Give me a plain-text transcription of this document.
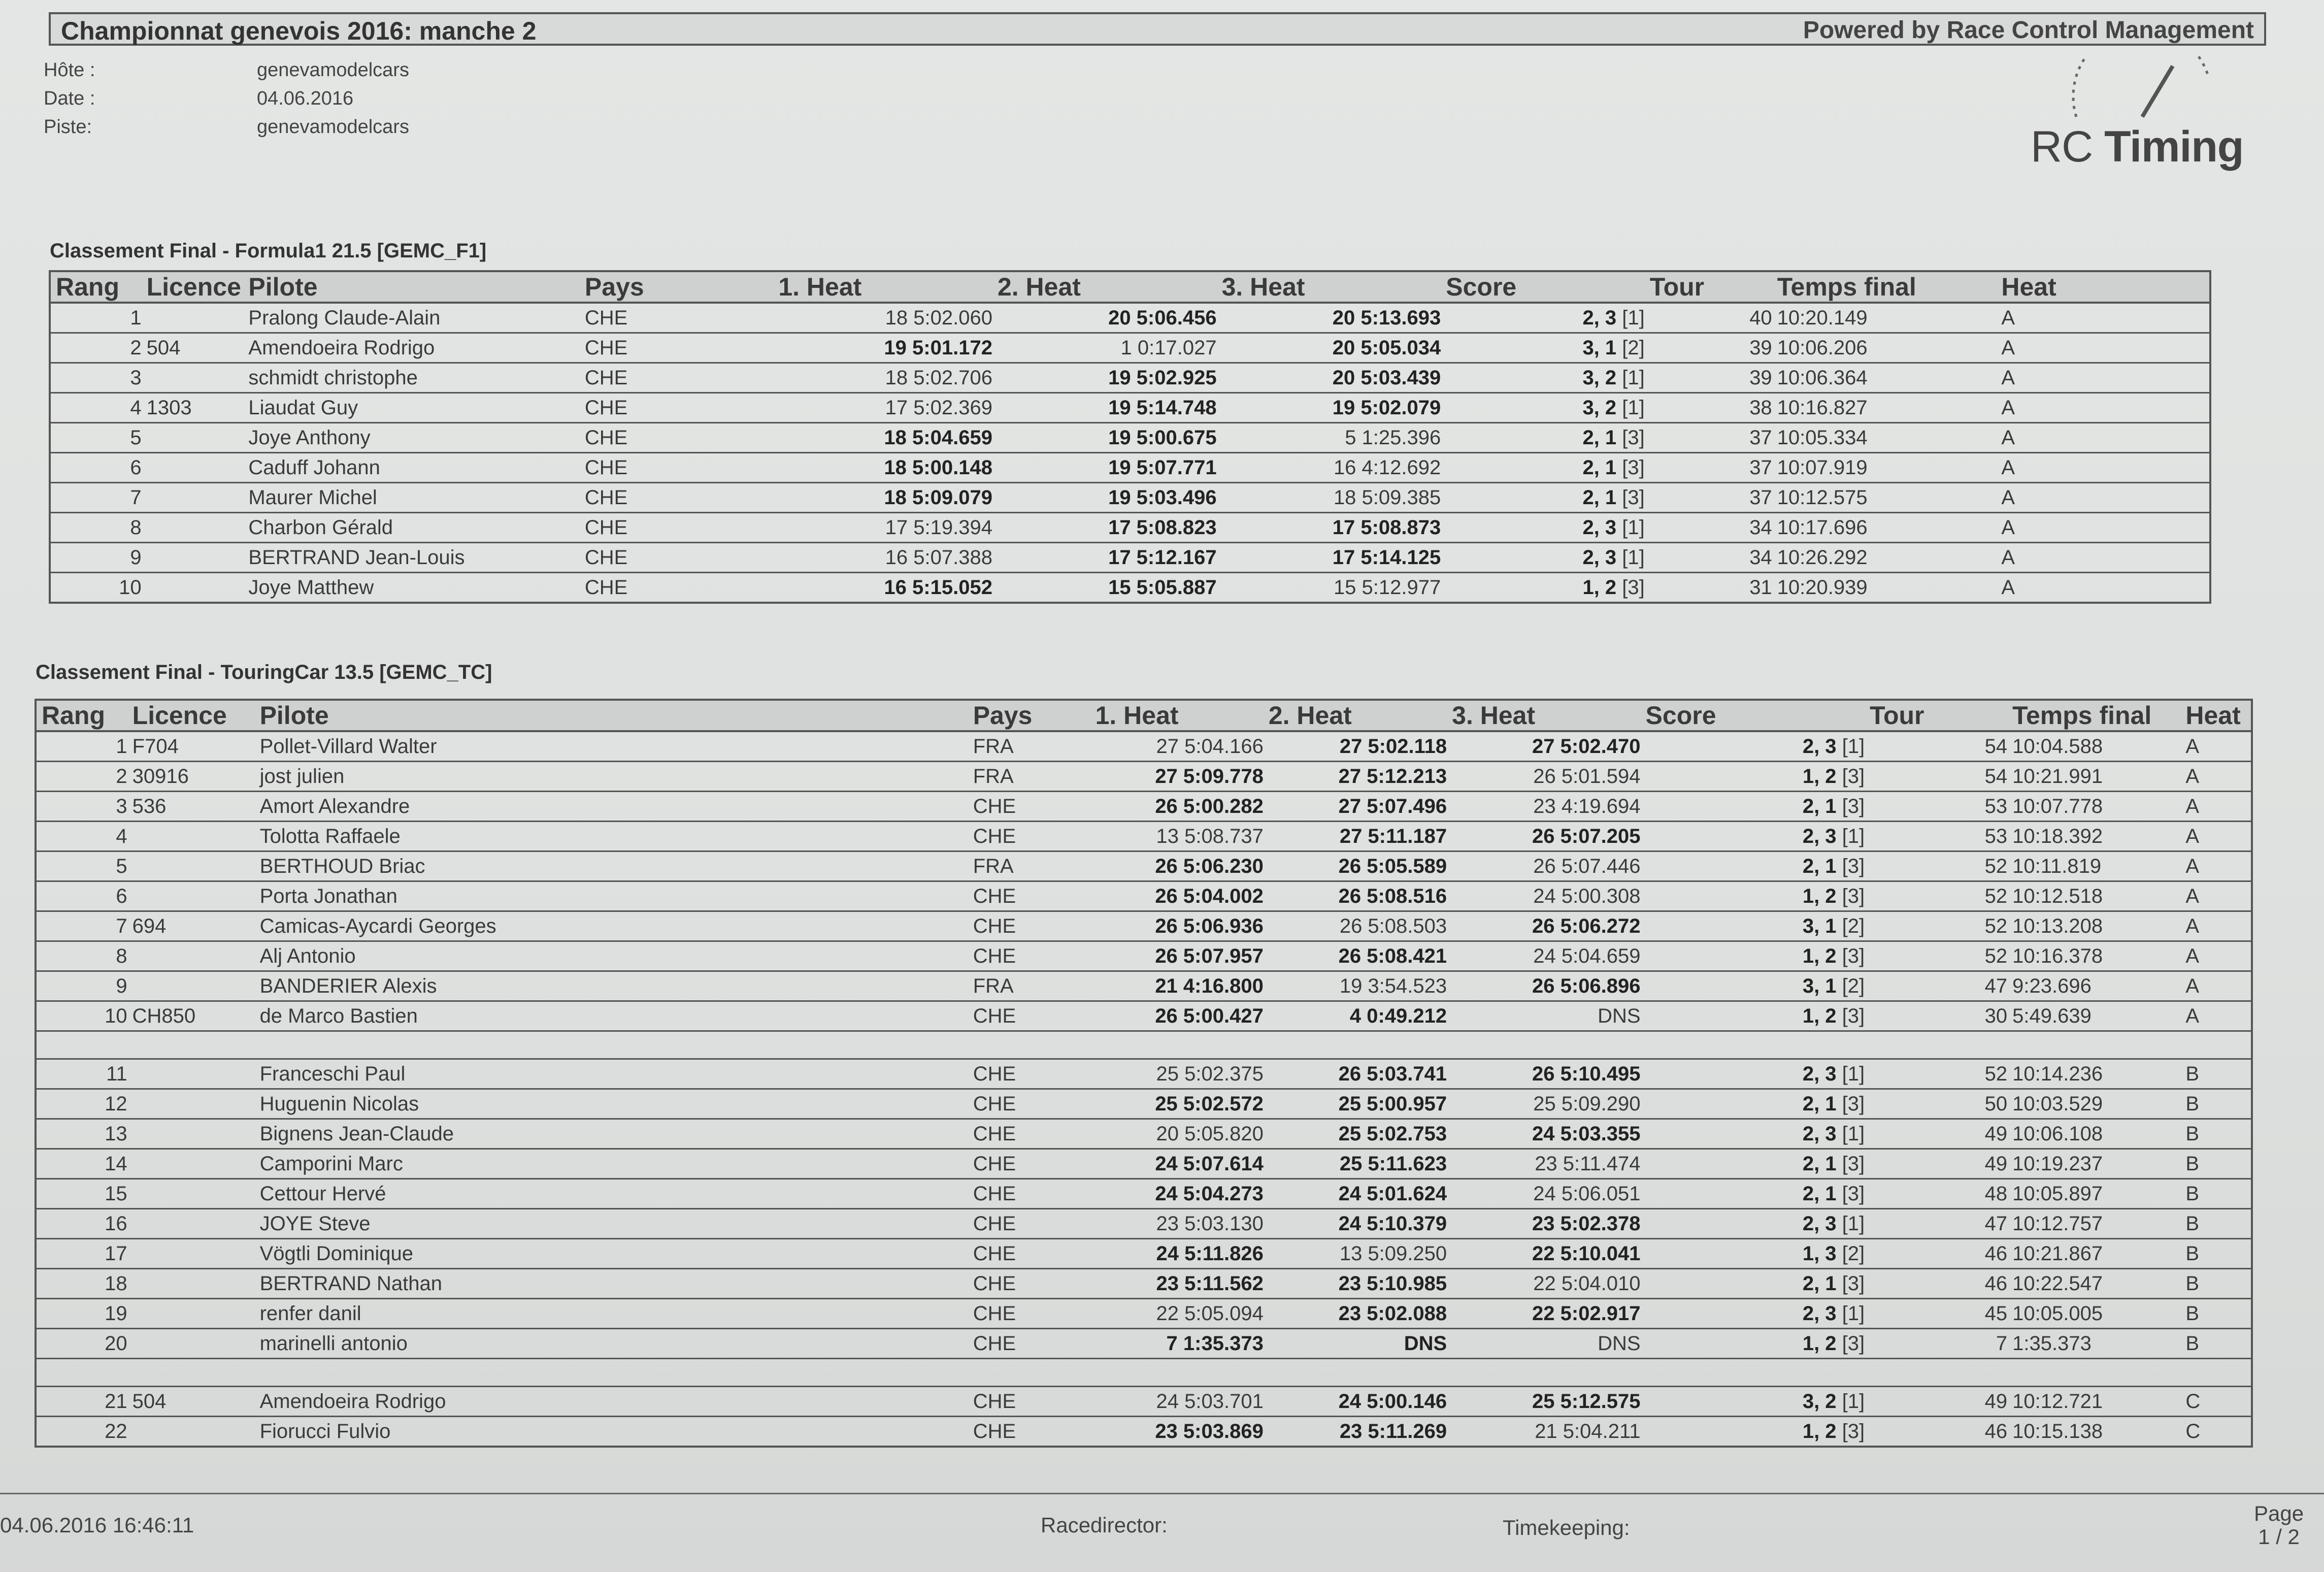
Championnat genevois 2016: manche 2	Powered by Race Control Management
Hôte :	genevamodelcars
Date :	04.06.2016
Piste:	genevamodelcars	RC Timing
Classement Final - Formula1 21.5 [GEMC_F1]
Rang	Licence	Pilote	Pays	1. Heat	2. Heat	3. Heat	Score	Tour	Temps final	Heat
1		Pralong Claude-Alain	CHE	18 5:02.060	20 5:06.456	20 5:13.693	2, 3 [1]	40	10:20.149	A
2	504	Amendoeira Rodrigo	CHE	19 5:01.172	1 0:17.027	20 5:05.034	3, 1 [2]	39	10:06.206	A
3		schmidt christophe	CHE	18 5:02.706	19 5:02.925	20 5:03.439	3, 2 [1]	39	10:06.364	A
4	1303	Liaudat Guy	CHE	17 5:02.369	19 5:14.748	19 5:02.079	3, 2 [1]	38	10:16.827	A
5		Joye Anthony	CHE	18 5:04.659	19 5:00.675	5 1:25.396	2, 1 [3]	37	10:05.334	A
6		Caduff Johann	CHE	18 5:00.148	19 5:07.771	16 4:12.692	2, 1 [3]	37	10:07.919	A
7		Maurer Michel	CHE	18 5:09.079	19 5:03.496	18 5:09.385	2, 1 [3]	37	10:12.575	A
8		Charbon Gérald	CHE	17 5:19.394	17 5:08.823	17 5:08.873	2, 3 [1]	34	10:17.696	A
9		BERTRAND Jean-Louis	CHE	16 5:07.388	17 5:12.167	17 5:14.125	2, 3 [1]	34	10:26.292	A
10		Joye Matthew	CHE	16 5:15.052	15 5:05.887	15 5:12.977	1, 2 [3]	31	10:20.939	A
Classement Final - TouringCar 13.5 [GEMC_TC]
Rang	Licence	Pilote	Pays	1. Heat	2. Heat	3. Heat	Score	Tour	Temps final	Heat
1	F704	Pollet-Villard Walter	FRA	27 5:04.166	27 5:02.118	27 5:02.470	2, 3 [1]	54	10:04.588	A
2	30916	jost julien	FRA	27 5:09.778	27 5:12.213	26 5:01.594	1, 2 [3]	54	10:21.991	A
3	536	Amort Alexandre	CHE	26 5:00.282	27 5:07.496	23 4:19.694	2, 1 [3]	53	10:07.778	A
4		Tolotta Raffaele	CHE	13 5:08.737	27 5:11.187	26 5:07.205	2, 3 [1]	53	10:18.392	A
5		BERTHOUD Briac	FRA	26 5:06.230	26 5:05.589	26 5:07.446	2, 1 [3]	52	10:11.819	A
6		Porta Jonathan	CHE	26 5:04.002	26 5:08.516	24 5:00.308	1, 2 [3]	52	10:12.518	A
7	694	Camicas-Aycardi Georges	CHE	26 5:06.936	26 5:08.503	26 5:06.272	3, 1 [2]	52	10:13.208	A
8		Alj Antonio	CHE	26 5:07.957	26 5:08.421	24 5:04.659	1, 2 [3]	52	10:16.378	A
9		BANDERIER Alexis	FRA	21 4:16.800	19 3:54.523	26 5:06.896	3, 1 [2]	47	9:23.696	A
10	CH850	de Marco Bastien	CHE	26 5:00.427	4 0:49.212	DNS	1, 2 [3]	30	5:49.639	A

11		Franceschi Paul	CHE	25 5:02.375	26 5:03.741	26 5:10.495	2, 3 [1]	52	10:14.236	B
12		Huguenin Nicolas	CHE	25 5:02.572	25 5:00.957	25 5:09.290	2, 1 [3]	50	10:03.529	B
13		Bignens Jean-Claude	CHE	20 5:05.820	25 5:02.753	24 5:03.355	2, 3 [1]	49	10:06.108	B
14		Camporini Marc	CHE	24 5:07.614	25 5:11.623	23 5:11.474	2, 1 [3]	49	10:19.237	B
15		Cettour Hervé	CHE	24 5:04.273	24 5:01.624	24 5:06.051	2, 1 [3]	48	10:05.897	B
16		JOYE Steve	CHE	23 5:03.130	24 5:10.379	23 5:02.378	2, 3 [1]	47	10:12.757	B
17		Vögtli Dominique	CHE	24 5:11.826	13 5:09.250	22 5:10.041	1, 3 [2]	46	10:21.867	B
18		BERTRAND Nathan	CHE	23 5:11.562	23 5:10.985	22 5:04.010	2, 1 [3]	46	10:22.547	B
19		renfer danil	CHE	22 5:05.094	23 5:02.088	22 5:02.917	2, 3 [1]	45	10:05.005	B
20		marinelli antonio	CHE	7 1:35.373	DNS	DNS	1, 2 [3]	7	1:35.373	B

21	504	Amendoeira Rodrigo	CHE	24 5:03.701	24 5:00.146	25 5:12.575	3, 2 [1]	49	10:12.721	C
22		Fiorucci Fulvio	CHE	23 5:03.869	23 5:11.269	21 5:04.211	1, 2 [3]	46	10:15.138	C
04.06.2016 16:46:11	Racedirector:	Timekeeping:
Page
1 / 2
